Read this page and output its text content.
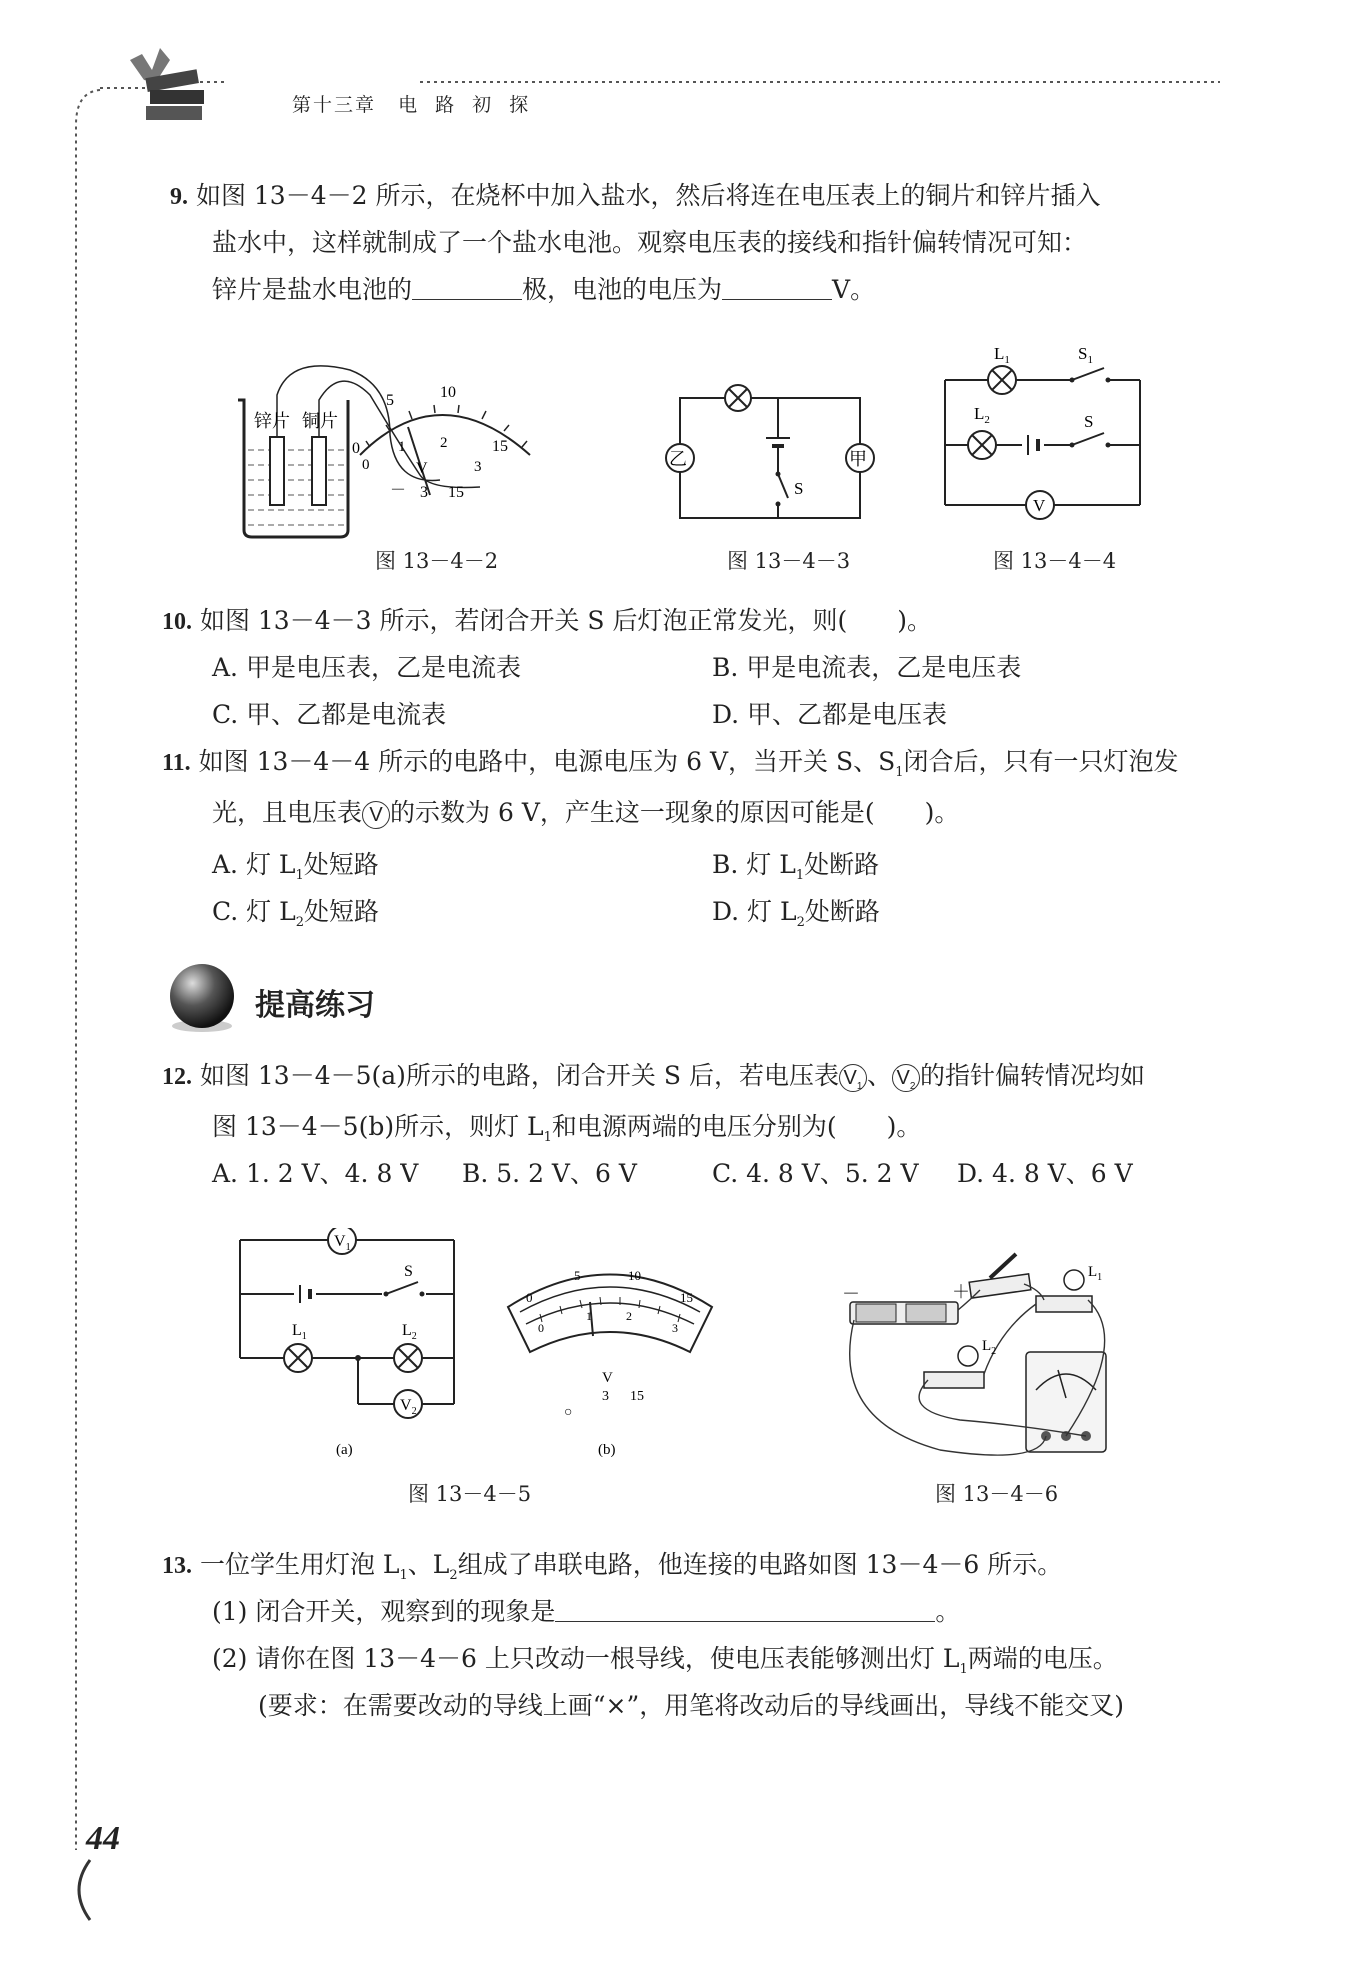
第十三章 电 路 初 探
9. 如图 13－4－2 所示，在烧杯中加入盐水，然后将连在电压表上的铜片和锌片插入
盐水中，这样就制成了一个盐水电池。观察电压表的接线和指针偏转情况可知：
锌片是盐水电池的	极，电池的电压为	V。
0
5	10
15
0
1 2
3
V
－ 3 15
锌片 铜片
图 13－4－2
乙	甲
S
图 13－4－3
V
$L_1$
$L_2$
$S_1$
S
图 13－4－4
10. 如图 13－4－3 所示，若闭合开关 S 后灯泡正常发光，则(　　)。
A. 甲是电压表，乙是电流表	B. 甲是电流表，乙是电压表
C. 甲、乙都是电流表	D. 甲、乙都是电压表
11. 如图 13－4－4 所示的电路中，电源电压为 6 V，当开关 S、$S_1$闭合后，只有一只灯泡发
光，且电压表 V 的示数为 6 V，产生这一现象的原因可能是(　　)。
A. 灯 $L_1$处短路	B. 灯 $L_1$处断路
C. 灯 $L_2$处短路	D. 灯 $L_2$处断路
提高练习
12. 如图 13－4－5(a)所示的电路，闭合开关 S 后，若电压表 $V_1$ 、 $V_2$ 的指针偏转情况均如
图 13－4－5(b)所示，则灯 $L_1$和电源两端的电压分别为(　　)。
A. 1. 2 V、4. 8 V B. 5. 2 V、6 V	C. 4. 8 V、5. 2 V D. 4. 8 V、6 V
$V_1$
$V_2$
$L_1$	$L_2$
S
(a)
5	10
0	15
0
1	2
3
V
○
3 15
(b)
图 13－4－5
－	＋
$L_1$
$L_2$
图 13－4－6
13. 一位学生用灯泡 $L_1$、$L_2$组成了串联电路，他连接的电路如图 13－4－6 所示。
(1) 闭合开关，观察到的现象是	。
(2) 请你在图 13－4－6 上只改动一根导线，使电压表能够测出灯 $L_1$两端的电压。
(要求：在需要改动的导线上画“×”，用笔将改动后的导线画出，导线不能交叉)
44
